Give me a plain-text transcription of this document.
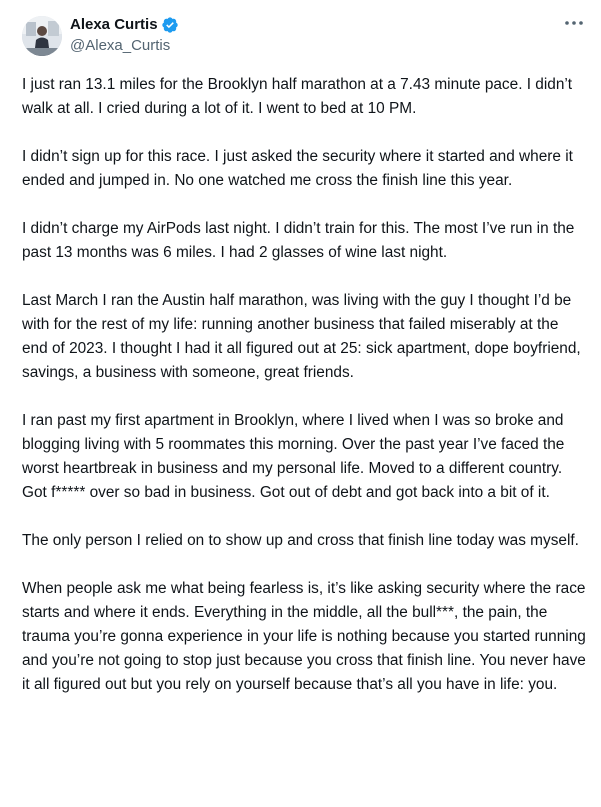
Alexa Curtis
@Alexa_Curtis

I just ran 13.1 miles for the Brooklyn half marathon at a 7.43 minute pace. I didn’t walk at all. I cried during a lot of it. I went to bed at 10 PM.

I didn’t sign up for this race. I just asked the security where it started and where it ended and jumped in. No one watched me cross the finish line this year.

I didn’t charge my AirPods last night. I didn’t train for this. The most I’ve run in the past 13 months was 6 miles. I had 2 glasses of wine last night.

Last March I ran the Austin half marathon, was living with the guy I thought I’d be with for the rest of my life: running another business that failed miserably at the end of 2023. I thought I had it all figured out at 25: sick apartment, dope boyfriend, savings, a business with someone, great friends.

I ran past my first apartment in Brooklyn, where I lived when I was so broke and blogging living with 5 roommates this morning. Over the past year I’ve faced the worst heartbreak in business and my personal life. Moved to a different country. Got f***** over so bad in business. Got out of debt and got back into a bit of it.

The only person I relied on to show up and cross that finish line today was myself.

When people ask me what being fearless is, it’s like asking security where the race starts and where it ends. Everything in the middle, all the bull***, the pain, the trauma you’re gonna experience in your life is nothing because you started running and you’re not going to stop just because you cross that finish line. You never have it all figured out but you rely on yourself because that’s all you have in life: you.
